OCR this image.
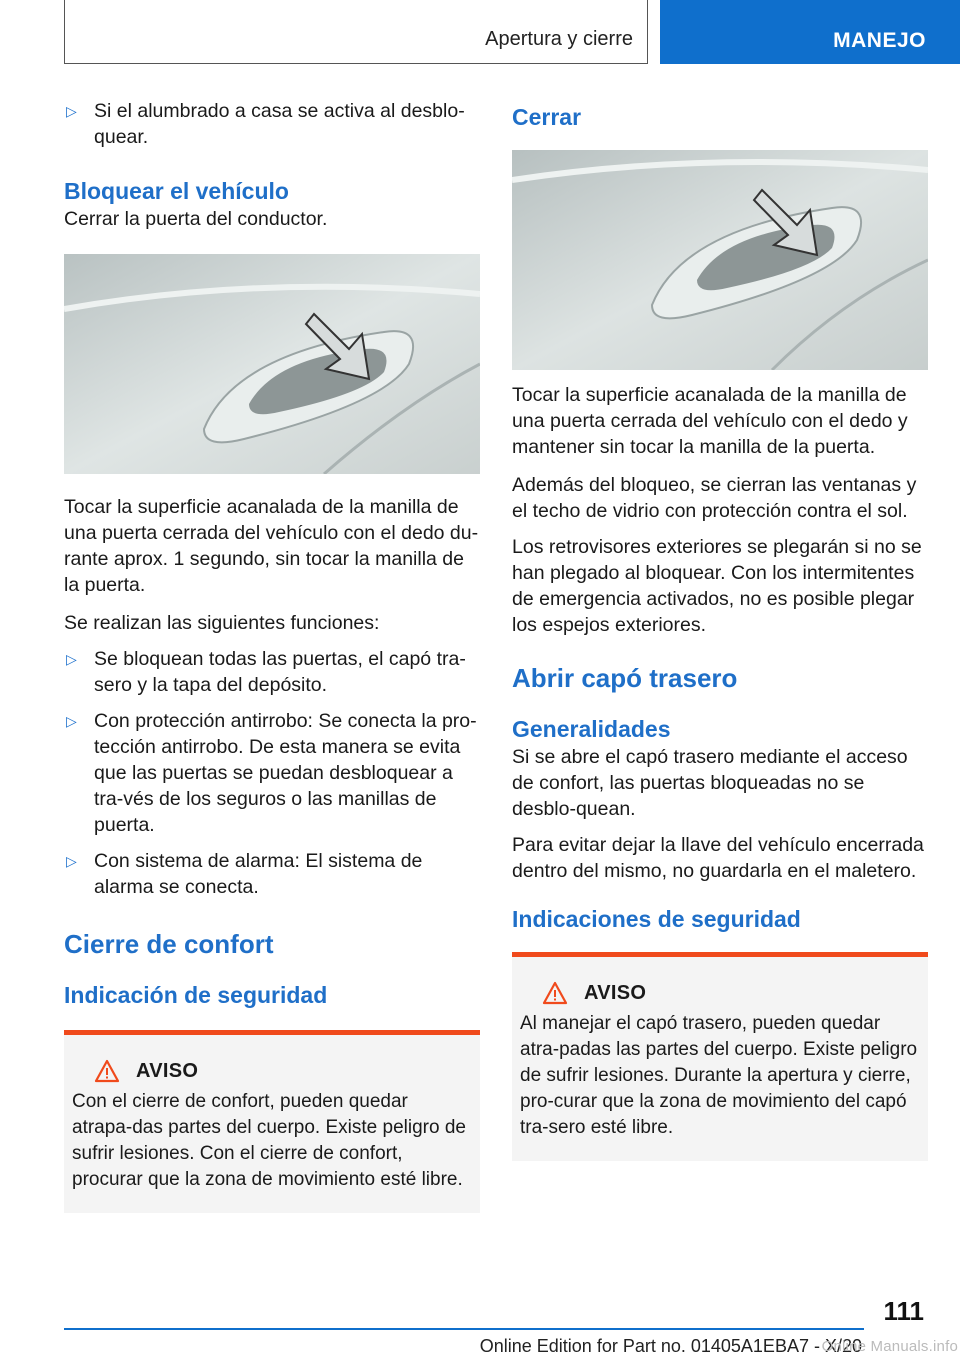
Apertura y cierre	MANEJO
▷ Si el alumbrado a casa se activa al desblo-quear.
Bloquear el vehículo

Cerrar la puerta del conductor.

Tocar la superficie acanalada de la manilla de una puerta cerrada del vehículo con el dedo du-rante aprox. 1 segundo, sin tocar la manilla de la puerta.

Se realizan las siguientes funciones:

▷ Se bloquean todas las puertas, el capó tra-sero y la tapa del depósito.
▷ Con protección antirrobo: Se conecta la pro-tección antirrobo. De esta manera se evita que las puertas se puedan desbloquear a tra-vés de los seguros o las manillas de puerta.
▷ Con sistema de alarma: El sistema de alarma se conecta.
Cierre de confort
Indicación de seguridad
AVISO

Con el cierre de confort, pueden quedar atrapa-das partes del cuerpo. Existe peligro de sufrir lesiones. Con el cierre de confort, procurar que la zona de movimiento esté libre.

Cerrar

Tocar la superficie acanalada de la manilla de una puerta cerrada del vehículo con el dedo y mantener sin tocar la manilla de la puerta.

Además del bloqueo, se cierran las ventanas y el techo de vidrio con protección contra el sol.

Los retrovisores exteriores se plegarán si no se han plegado al bloquear. Con los intermitentes de emergencia activados, no es posible plegar los espejos exteriores.

Abrir capó trasero
Generalidades

Si se abre el capó trasero mediante el acceso de confort, las puertas bloqueadas no se desblo-quean.

Para evitar dejar la llave del vehículo encerrada dentro del mismo, no guardarla en el maletero.

Indicaciones de seguridad
AVISO

Al manejar el capó trasero, pueden quedar atra-padas las partes del cuerpo. Existe peligro de sufrir lesiones. Durante la apertura y cierre, pro-curar que la zona de movimiento del capó tra-sero esté libre.

111
Online Edition for Part no. 01405A1EBA7 - X/20
Online Manuals.info
